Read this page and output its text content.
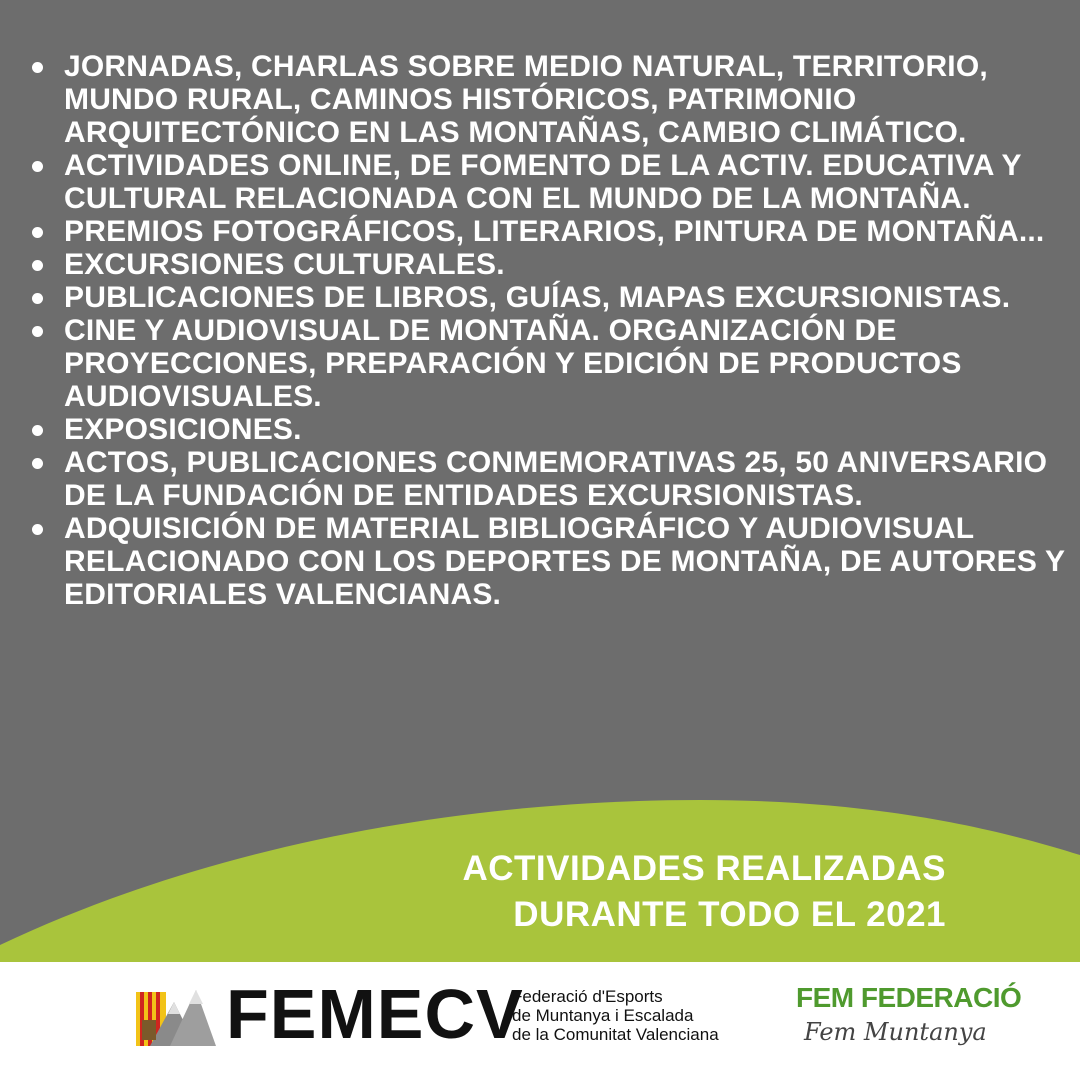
JORNADAS, CHARLAS SOBRE MEDIO NATURAL, TERRITORIO, MUNDO RURAL, CAMINOS HISTÓRICOS, PATRIMONIO ARQUITECTÓNICO EN LAS MONTAÑAS, CAMBIO CLIMÁTICO.
ACTIVIDADES ONLINE, DE FOMENTO DE LA ACTIV. EDUCATIVA Y CULTURAL RELACIONADA CON EL MUNDO DE LA MONTAÑA.
PREMIOS FOTOGRÁFICOS, LITERARIOS, PINTURA DE MONTAÑA...
EXCURSIONES CULTURALES.
PUBLICACIONES DE LIBROS, GUÍAS, MAPAS EXCURSIONISTAS.
CINE Y AUDIOVISUAL DE MONTAÑA. ORGANIZACIÓN DE PROYECCIONES, PREPARACIÓN Y EDICIÓN DE PRODUCTOS AUDIOVISUALES.
EXPOSICIONES.
ACTOS, PUBLICACIONES CONMEMORATIVAS 25, 50 ANIVERSARIO DE LA FUNDACIÓN DE ENTIDADES EXCURSIONISTAS.
ADQUISICIÓN DE MATERIAL BIBLIOGRÁFICO Y AUDIOVISUAL RELACIONADO CON LOS DEPORTES DE MONTAÑA, DE AUTORES Y EDITORIALES VALENCIANAS.
ACTIVIDADES REALIZADAS
DURANTE TODO EL 2021
FEMECV
Federació d'Esports
de Muntanya i Escalada
de la Comunitat Valenciana
FEM FEDERACIÓ
Fem Muntanya
